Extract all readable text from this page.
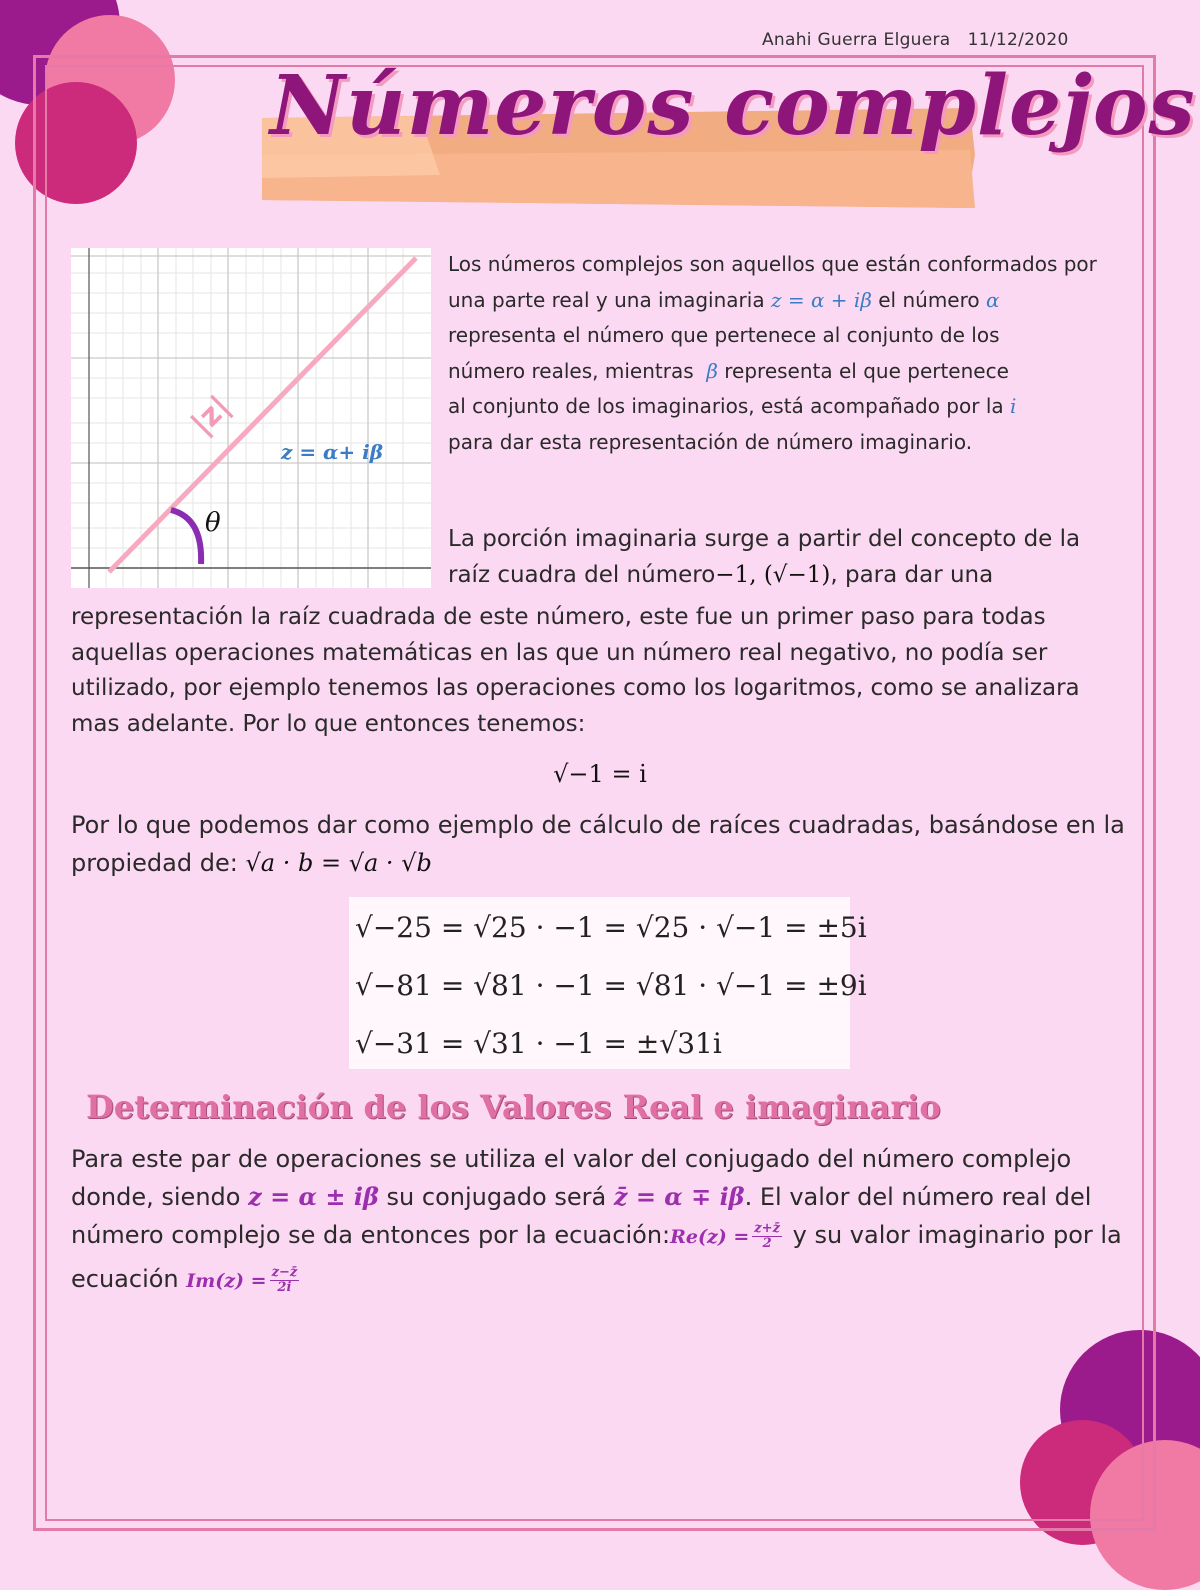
Anahi Guerra Elguera 11/12/2020
Números complejos
|z|
z = α+ iβ
θ
Los números complejos son aquellos que están conformados por
una parte real y una imaginaria z = α + iβ el número α
representa el número que pertenece al conjunto de los
número reales, mientras β representa el que pertenece
al conjunto de los imaginarios, está acompañado por la i
para dar esta representación de número imaginario.
La porción imaginaria surge a partir del concepto de la
raíz cuadra del número−1, (√−1), para dar una
representación la raíz cuadrada de este número, este fue un primer paso para todas
aquellas operaciones matemáticas en las que un número real negativo, no podía ser
utilizado, por ejemplo tenemos las operaciones como los logaritmos, como se analizara
mas adelante. Por lo que entonces tenemos:
√−1 = i
Por lo que podemos dar como ejemplo de cálculo de raíces cuadradas, basándose en la
propiedad de: √a · b = √a · √b
√−25 = √25 · −1 = √25 · √−1 = ±5i
√−81 = √81 · −1 = √81 · √−1 = ±9i
√−31 = √31 · −1 = ±√31i
Determinación de los Valores Real e imaginario
Para este par de operaciones se utiliza el valor del conjugado del número complejo
donde, siendo z = α ± iβ su conjugado será z̄ = α ∓ iβ. El valor del número real del
número complejo se da entonces por la ecuación:Re(z) = $\frac{z+z̄}{2}$ y su valor imaginario por la
ecuación $Im(z) = \frac{z-z̄}{2i}$
